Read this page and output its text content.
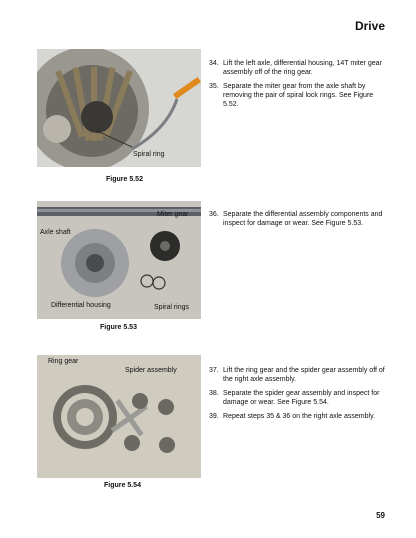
Drive
Spiral ring
Figure 5.52
34. Lift the left axle, differential housing, 14T miter gear assembly off of the ring gear.
35. Separate the miter gear from the axle shaft by removing the pair of spiral lock rings. See Figure 5.52.
Miter gear
Axle shaft
Differential housing	Spiral rings
Figure 5.53
36. Separate the differential assembly components and inspect for damage or wear. See Figure 5.53.
Ring gear
Spider assembly
Figure 5.54
37. Lift the ring gear and the spider gear assembly off of the right axle assembly.
38. Separate the spider gear assembly and inspect for damage or wear. See Figure 5.54.
39. Repeat steps 35 & 36 on the right axle assembly.
59
